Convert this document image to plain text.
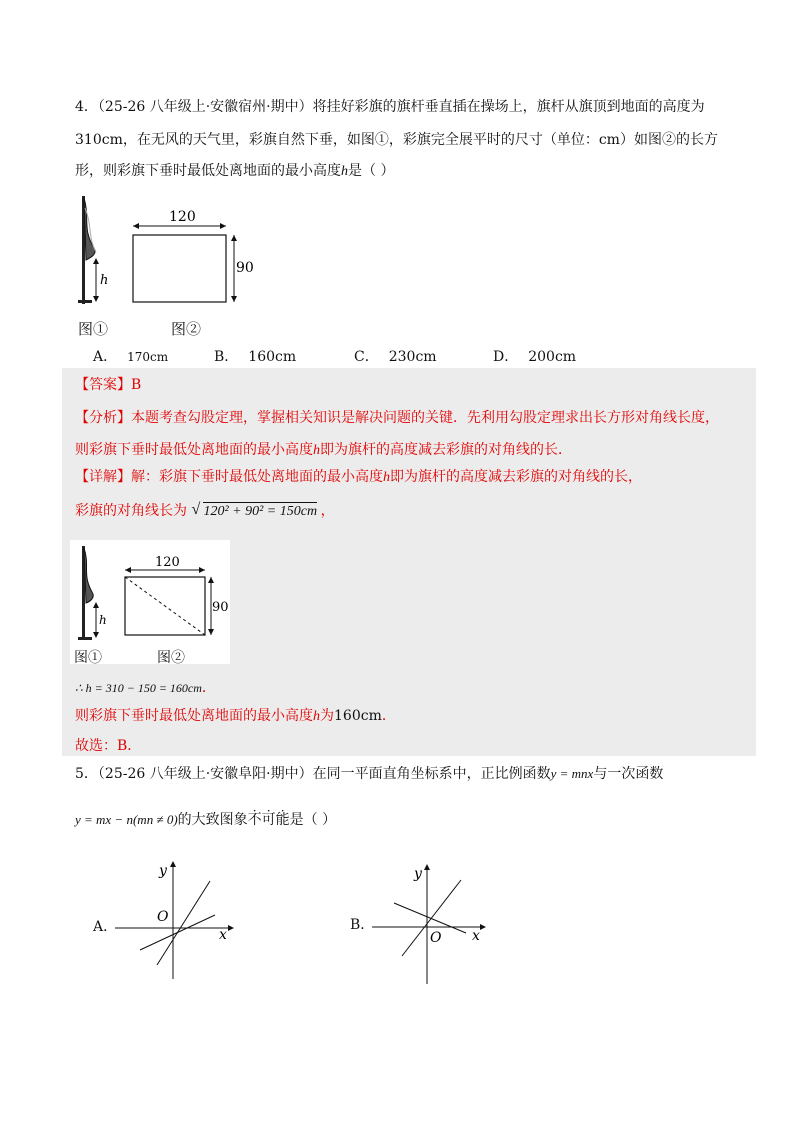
4．（25-26 八年级上·安徽宿州·期中）将挂好彩旗的旗杆垂直插在操场上，旗杆从旗顶到地面的高度为
310cm，在无风的天气里，彩旗自然下垂，如图①，彩旗完全展平时的尺寸（单位：cm）如图②的长方
形，则彩旗下垂时最低处离地面的最小高度h是（ ）
h
120
90
图①	图②
A． 170cm	B． 160cm	C． 230cm	D． 200cm
【答案】B
【分析】本题考查勾股定理，掌握相关知识是解决问题的关键．先利用勾股定理求出长方形对角线长度，
则彩旗下垂时最低处离地面的最小高度h即为旗杆的高度减去彩旗的对角线的长．
【详解】解：彩旗下垂时最低处离地面的最小高度h即为旗杆的高度减去彩旗的对角线的长，
彩旗的对角线长为 √ 120² + 90² = 150cm ，
h
120
90
图①	图②
∴ h = 310 − 150 = 160cm．
则彩旗下垂时最低处离地面的最小高度h为160cm．
故选：B．
5．（25-26 八年级上·安徽阜阳·期中）在同一平面直角坐标系中，正比例函数y = mnx与一次函数
y = mx − n(mn ≠ 0)的大致图象不可能是（ ）
A．	x
y
O	B．
x
y
O
